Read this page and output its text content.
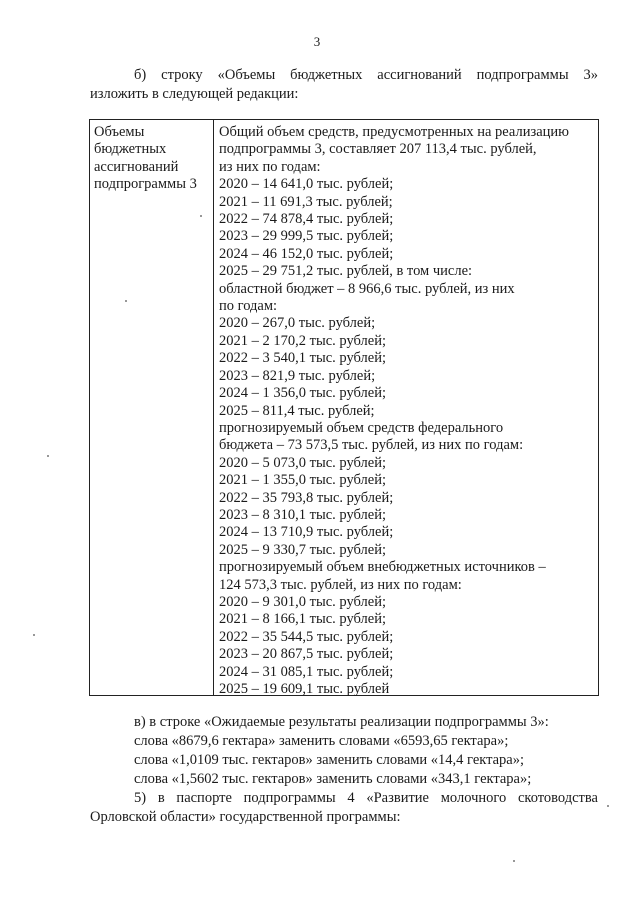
3
б) строку «Объемы бюджетных ассигнований подпрограммы 3»
изложить в следующей редакции:
Объемы
бюджетных
ассигнований
подпрограммы 3
Общий объем средств, предусмотренных на реализацию
подпрограммы 3, составляет 207 113,4 тыс. рублей,
из них по годам:
2020 – 14 641,0 тыс. рублей;
2021 – 11 691,3 тыс. рублей;
2022 – 74 878,4 тыс. рублей;
2023 – 29 999,5 тыс. рублей;
2024 – 46 152,0 тыс. рублей;
2025 – 29 751,2 тыс. рублей, в том числе:
областной бюджет – 8 966,6 тыс. рублей, из них
по годам:
2020 – 267,0 тыс. рублей;
2021 – 2 170,2 тыс. рублей;
2022 – 3 540,1 тыс. рублей;
2023 – 821,9 тыс. рублей;
2024 – 1 356,0 тыс. рублей;
2025 – 811,4 тыс. рублей;
прогнозируемый объем средств федерального
бюджета – 73 573,5 тыс. рублей, из них по годам:
2020 – 5 073,0 тыс. рублей;
2021 – 1 355,0 тыс. рублей;
2022 – 35 793,8 тыс. рублей;
2023 – 8 310,1 тыс. рублей;
2024 – 13 710,9 тыс. рублей;
2025 – 9 330,7 тыс. рублей;
прогнозируемый объем внебюджетных источников –
124 573,3 тыс. рублей, из них по годам:
2020 – 9 301,0 тыс. рублей;
2021 – 8 166,1 тыс. рублей;
2022 – 35 544,5 тыс. рублей;
2023 – 20 867,5 тыс. рублей;
2024 – 31 085,1 тыс. рублей;
2025 – 19 609,1 тыс. рублей
в) в строке «Ожидаемые результаты реализации подпрограммы 3»:
слова «8679,6 гектара» заменить словами «6593,65 гектара»;
слова «1,0109 тыс. гектаров» заменить словами «14,4 гектара»;
слова «1,5602 тыс. гектаров» заменить словами «343,1 гектара»;
5) в паспорте подпрограммы 4 «Развитие молочного скотоводства
Орловской области» государственной программы:
